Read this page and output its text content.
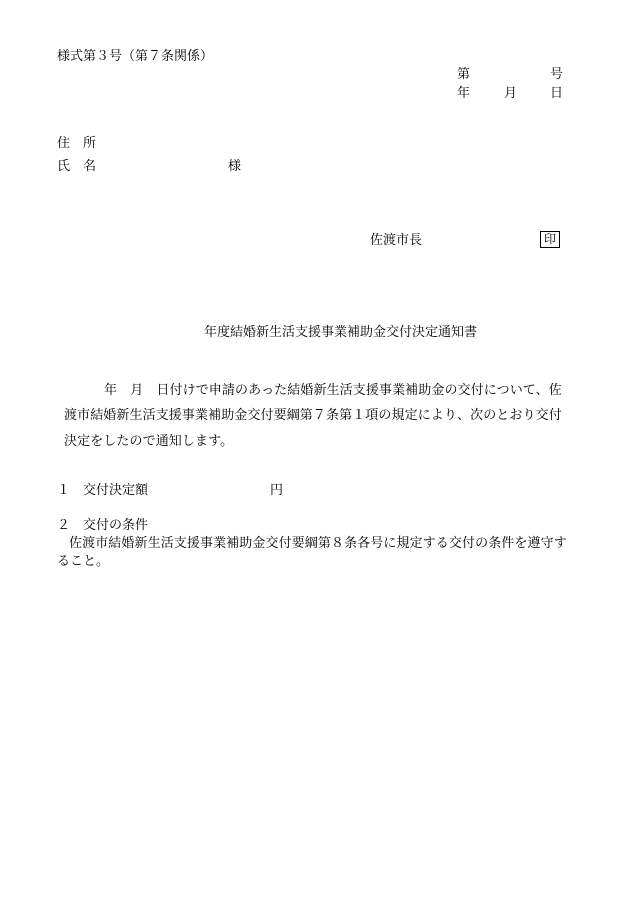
様式第３号（第７条関係）
第	号
年	月	日
住　所
氏　名	様
佐渡市長	印
年度結婚新生活支援事業補助金交付決定通知書
年　月　日付けで申請のあった結婚新生活支援事業補助金の交付について、佐
渡市結婚新生活支援事業補助金交付要綱第７条第１項の規定により、次のとおり交付
決定をしたので通知します。
１　交付決定額	円
２　交付の条件
佐渡市結婚新生活支援事業補助金交付要綱第８条各号に規定する交付の条件を遵守す
ること。
